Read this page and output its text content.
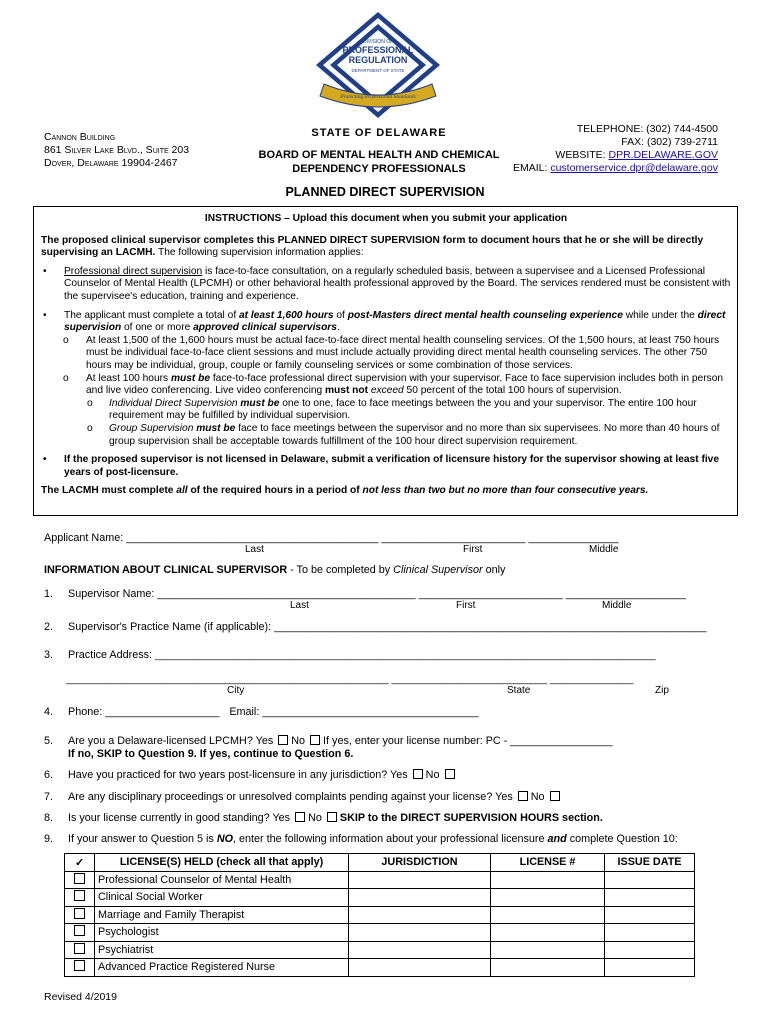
DIVISION OF
PROFESSIONAL
REGULATION
DEPARTMENT OF STATE
Protecting Professional Standards
Cannon Building
861 Silver Lake Blvd., Suite 203
Dover, Delaware 19904-2467
STATE OF DELAWARE
BOARD OF MENTAL HEALTH AND CHEMICAL
DEPENDENCY PROFESSIONALS
TELEPHONE: (302) 744-4500
FAX: (302) 739-2711
WEBSITE: DPR.DELAWARE.GOV
EMAIL: customerservice.dpr@delaware.gov
PLANNED DIRECT SUPERVISION
INSTRUCTIONS – Upload this document when you submit your application

The proposed clinical supervisor completes this PLANNED DIRECT SUPERVISION form to document hours that he or she will be directly supervising an LACMH. The following supervision information applies:

• Professional direct supervision is face-to-face consultation, on a regularly scheduled basis, between a supervisee and a Licensed Professional Counselor of Mental Health (LPCMH) or other behavioral health professional approved by the Board. The services rendered must be consistent with the supervisee's education, training and experience.

• The applicant must complete a total of at least 1,600 hours of post-Masters direct mental health counseling experience while under the direct supervision of one or more approved clinical supervisors.

o At least 1,500 of the 1,600 hours must be actual face-to-face direct mental health counseling services. Of the 1,500 hours, at least 750 hours must be individual face-to-face client sessions and must include actually providing direct mental health counseling services. The other 750 hours may be individual, group, couple or family counseling services or some combination of those services.

o At least 100 hours must be face-to-face professional direct supervision with your supervisor. Face to face supervision includes both in person and live video conferencing. Live video conferencing must not exceed 50 percent of the total 100 hours of supervision.

o Individual Direct Supervision must be one to one, face to face meetings between the you and your supervisor. The entire 100 hour requirement may be fulfilled by individual supervision.

o Group Supervision must be face to face meetings between the supervisor and no more than six supervisees. No more than 40 hours of group supervision shall be acceptable towards fulfillment of the 100 hour direct supervision requirement.

• If the proposed supervisor is not licensed in Delaware, submit a verification of licensure history for the supervisor showing at least five years of post-licensure.

The LACMH must complete all of the required hours in a period of not less than two but no more than four consecutive years.

Applicant Name: __________________________________________ ________________________ _______________
Last	First	Middle
INFORMATION ABOUT CLINICAL SUPERVISOR - To be completed by Clinical Supervisor only
1. Supervisor Name: ___________________________________________ ________________________ ____________________
Last	First	Middle
2. Supervisor's Practice Name (if applicable): ________________________________________________________________________
3. Practice Address: __________________________________________________________________________________________
__________________________________________________________ ____________________________ _______________
City	State	Zip
4. Phone: ___________________ Email: ____________________________________
5. Are you a Delaware-licensed LPCMH? Yes  No  If yes, enter your license number: PC - _________________
If no, SKIP to Question 9. If yes, continue to Question 6.
6. Have you practiced for two years post-licensure in any jurisdiction? Yes  No
7. Are any disciplinary proceedings or unresolved complaints pending against your license? Yes  No
8. Is your license currently in good standing? Yes  No  SKIP to the DIRECT SUPERVISION HOURS section.
9. If your answer to Question 5 is NO, enter the following information about your professional licensure and complete Question 10:
✓	LICENSE(S) HELD (check all that apply)	JURISDICTION	LICENSE #	ISSUE DATE
	Professional Counselor of Mental Health			
	Clinical Social Worker			
	Marriage and Family Therapist			
	Psychologist			
	Psychiatrist			
	Advanced Practice Registered Nurse			
Revised 4/2019
